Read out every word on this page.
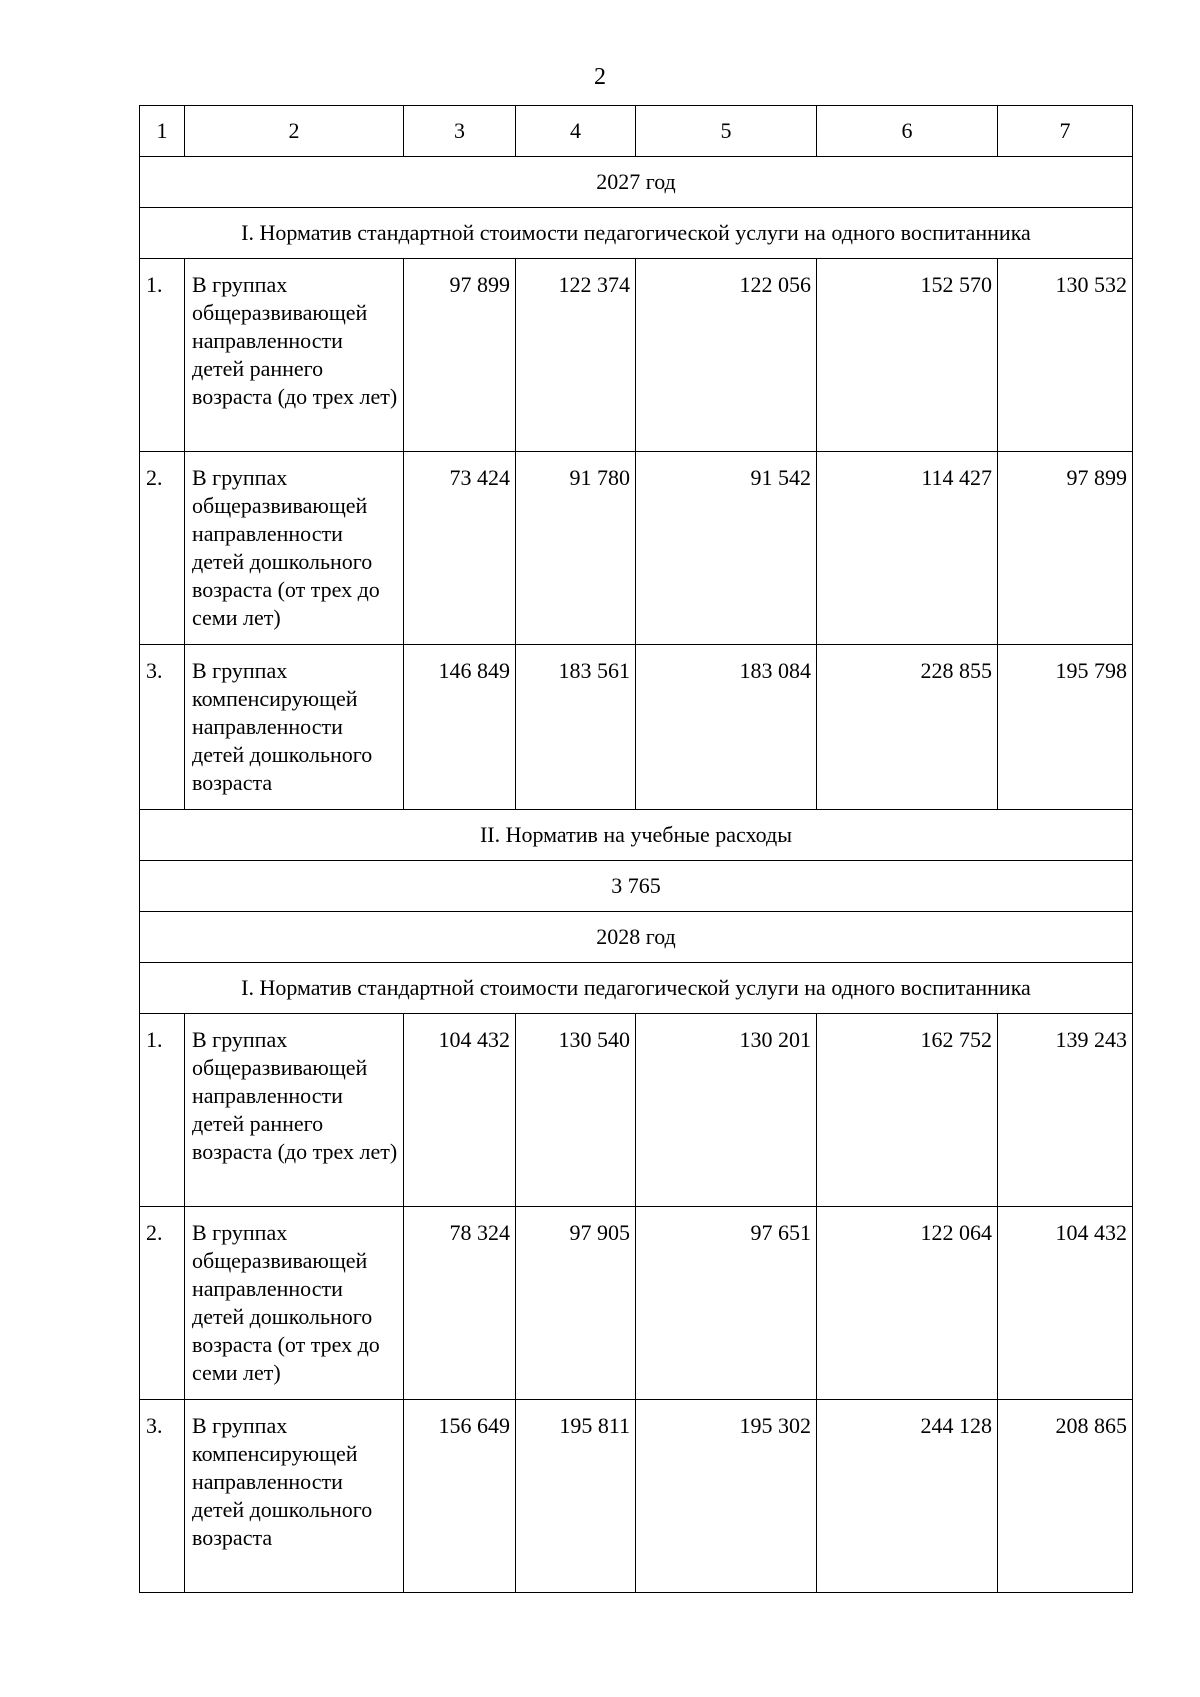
2
1	2	3	4	5	6	7
2027 год						
I. Норматив стандартной стоимости педагогической услуги на одного воспитанника						
1.	В группах общеразвивающей направленности детей раннего возраста (до трех лет)	97 899	122 374	122 056	152 570	130 532
2.	В группах общеразвивающей направленности детей дошкольного возраста (от трех до семи лет)	73 424	91 780	91 542	114 427	97 899
3.	В группах компенсирующей направленности детей дошкольного возраста	146 849	183 561	183 084	228 855	195 798
II. Норматив на учебные расходы						
3 765						
2028 год						
I. Норматив стандартной стоимости педагогической услуги на одного воспитанника						
1.	В группах общеразвивающей направленности детей раннего возраста (до трех лет)	104 432	130 540	130 201	162 752	139 243
2.	В группах общеразвивающей направленности детей дошкольного возраста (от трех до семи лет)	78 324	97 905	97 651	122 064	104 432
3.	В группах компенсирующей направленности детей дошкольного возраста	156 649	195 811	195 302	244 128	208 865
